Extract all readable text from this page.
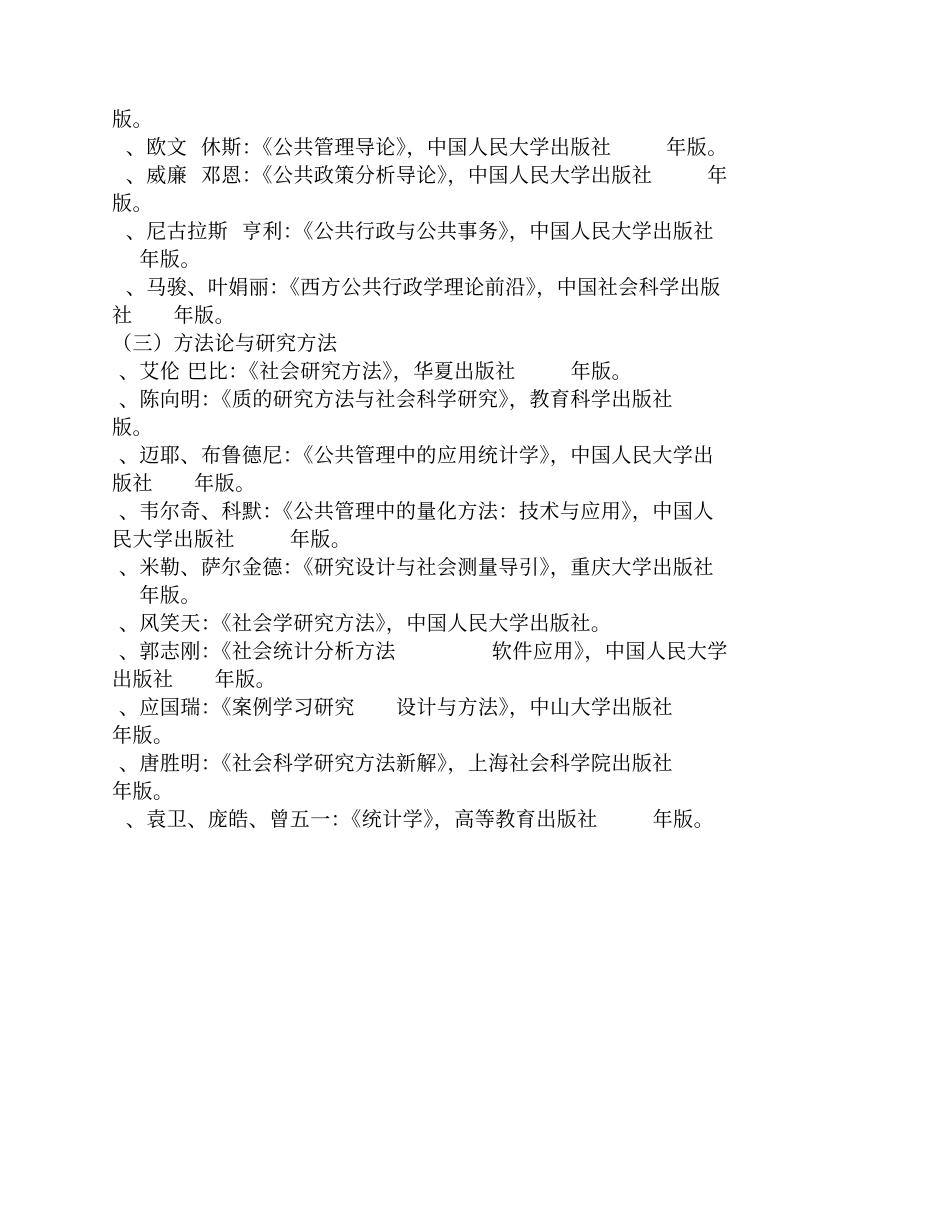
版。
、欧文  休斯：《公共管理导论》，中国人民大学出版社        年版。
、威廉  邓恩：《公共政策分析导论》，中国人民大学出版社        年
版。
、尼古拉斯  亨利：《公共行政与公共事务》，中国人民大学出版社
年版。
、马骏、叶娟丽：《西方公共行政学理论前沿》，中国社会科学出版
社      年版。
（三）方法论与研究方法
、艾伦 巴比：《社会研究方法》，华夏出版社        年版。
、陈向明：《质的研究方法与社会科学研究》，教育科学出版社
版。
、迈耶、布鲁德尼：《公共管理中的应用统计学》，中国人民大学出
版社      年版。
、韦尔奇、科默：《公共管理中的量化方法：技术与应用》，中国人
民大学出版社        年版。
、米勒、萨尔金德：《研究设计与社会测量导引》，重庆大学出版社
年版。
、风笑天：《社会学研究方法》，中国人民大学出版社。
、郭志刚：《社会统计分析方法              软件应用》，中国人民大学
出版社      年版。
、应国瑞：《案例学习研究      设计与方法》，中山大学出版社
年版。
、唐胜明：《社会科学研究方法新解》，上海社会科学院出版社
年版。
、袁卫、庞皓、曾五一：《统计学》，高等教育出版社        年版。
